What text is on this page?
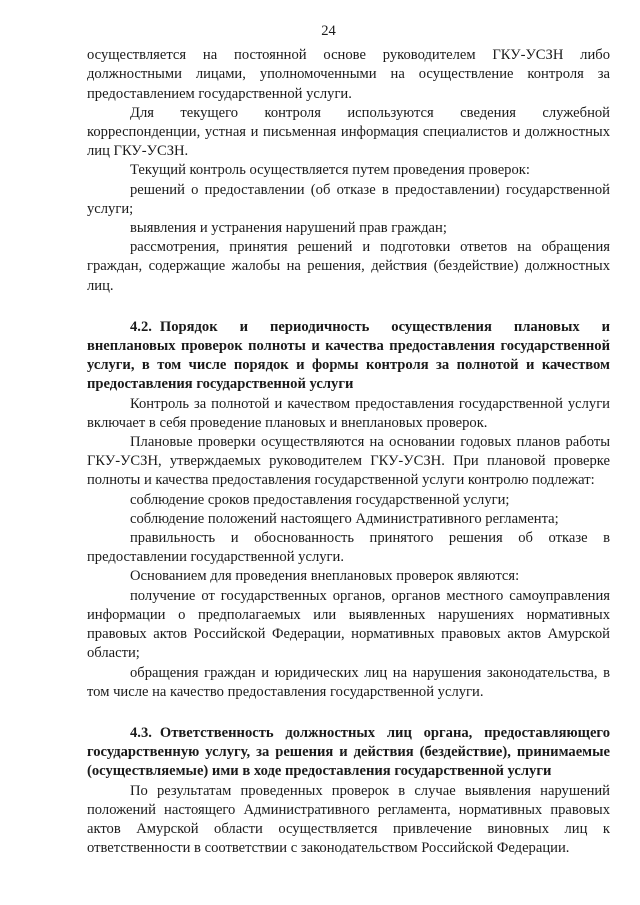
24

осуществляется на постоянной основе руководителем ГКУ-УСЗН либо должностными лицами, уполномоченными на осуществление контроля за предоставлением государственной услуги.

Для текущего контроля используются сведения служебной корреспонденции, устная и письменная информация специалистов и должностных лиц ГКУ-УСЗН.

Текущий контроль осуществляется путем проведения проверок:

решений о предоставлении (об отказе в предоставлении) государственной услуги;

выявления и устранения нарушений прав граждан;

рассмотрения, принятия решений и подготовки ответов на обращения граждан, содержащие жалобы на решения, действия (бездействие) должностных лиц.

4.2. Порядок и периодичность осуществления плановых и внеплановых проверок полноты и качества предоставления государственной услуги, в том числе порядок и формы контроля за полнотой и качеством предоставления государственной услуги

Контроль за полнотой и качеством предоставления государственной услуги включает в себя проведение плановых и внеплановых проверок.

Плановые проверки осуществляются на основании годовых планов работы ГКУ-УСЗН, утверждаемых руководителем ГКУ-УСЗН. При плановой проверке полноты и качества предоставления государственной услуги контролю подлежат:

соблюдение сроков предоставления государственной услуги;

соблюдение положений настоящего Административного регламента;

правильность и обоснованность принятого решения об отказе в предоставлении государственной услуги.

Основанием для проведения внеплановых проверок являются:

получение от государственных органов, органов местного самоуправления информации о предполагаемых или выявленных нарушениях нормативных правовых актов Российской Федерации, нормативных правовых актов Амурской области;

обращения граждан и юридических лиц на нарушения законодательства, в том числе на качество предоставления государственной услуги.

4.3. Ответственность должностных лиц органа, предоставляющего государственную услугу, за решения и действия (бездействие), принимаемые (осуществляемые) ими в ходе предоставления государственной услуги

По результатам проведенных проверок в случае выявления нарушений положений настоящего Административного регламента, нормативных правовых актов Амурской области осуществляется привлечение виновных лиц к ответственности в соответствии с законодательством Российской Федерации.
